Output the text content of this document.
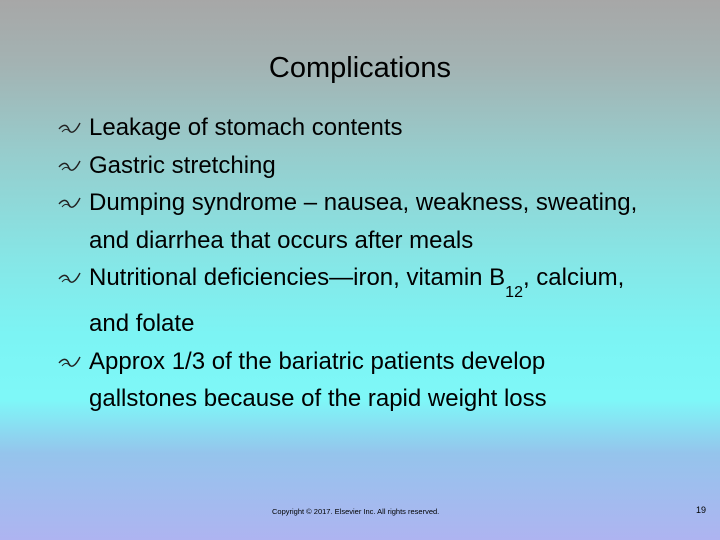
Complications
Leakage of stomach contents
Gastric stretching
Dumping syndrome – nausea, weakness, sweating, and diarrhea that occurs after meals
Nutritional deficiencies—iron, vitamin $B_{12}$, calcium, and folate
Approx 1/3 of the bariatric patients develop gallstones because of the rapid weight loss
Copyright © 2017. Elsevier Inc. All rights reserved.	19
